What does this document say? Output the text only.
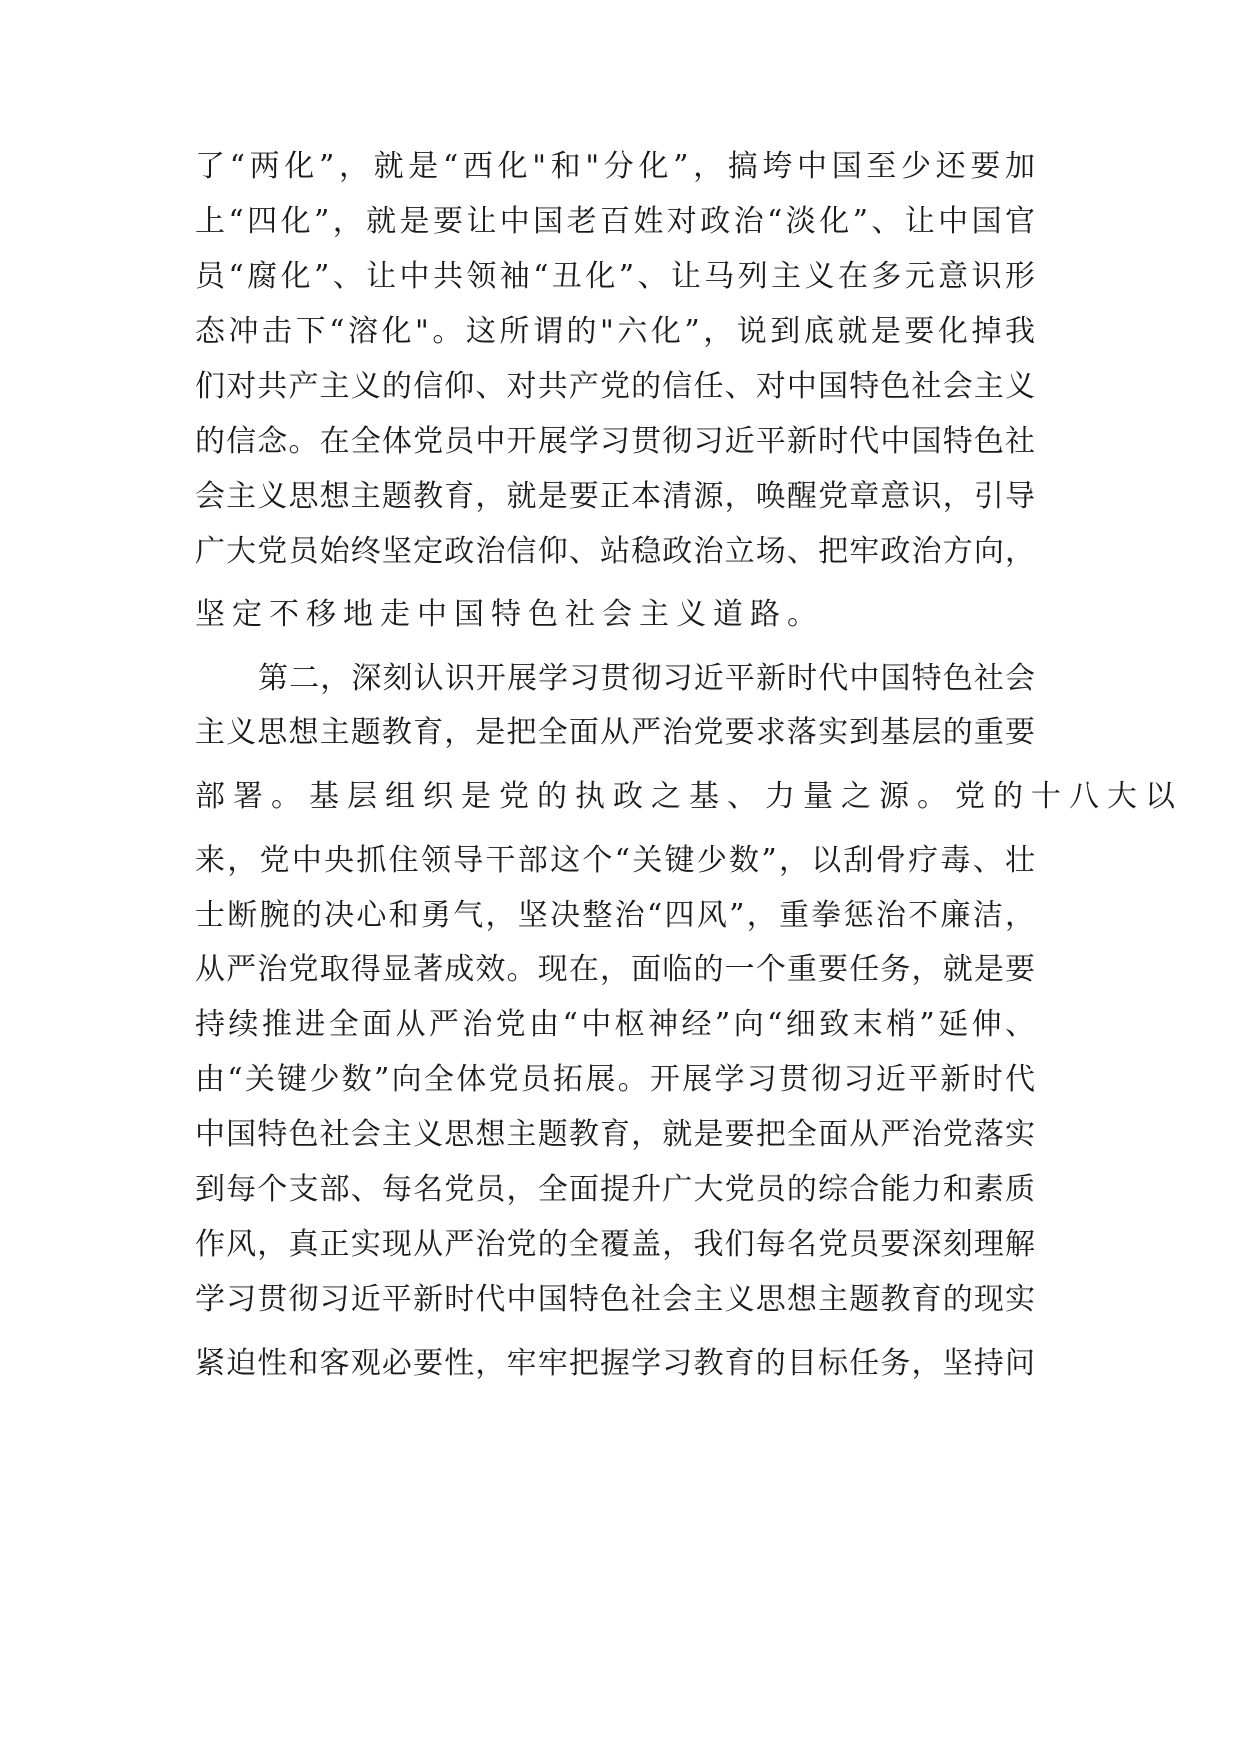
了“两化”，就是“西化"和"分化”，搞垮中国至少还要加
上“四化”，就是要让中国老百姓对政治“淡化”、让中国官
员“腐化”、让中共领袖“丑化”、让马列主义在多元意识形
态冲击下“溶化"。这所谓的"六化”，说到底就是要化掉我
们对共产主义的信仰、对共产党的信任、对中国特色社会主义
的信念。在全体党员中开展学习贯彻习近平新时代中国特色社
会主义思想主题教育，就是要正本清源，唤醒党章意识，引导
广大党员始终坚定政治信仰、站稳政治立场、把牢政治方向，
坚定不移地走中国特色社会主义道路。
第二，深刻认识开展学习贯彻习近平新时代中国特色社会
主义思想主题教育，是把全面从严治党要求落实到基层的重要
部署。基层组织是党的执政之基、力量之源。党的十八大以
来，党中央抓住领导干部这个“关键少数”，以刮骨疗毒、壮
士断腕的决心和勇气，坚决整治“四风”，重拳惩治不廉洁，
从严治党取得显著成效。现在，面临的一个重要任务，就是要
持续推进全面从严治党由“中枢神经”向“细致末梢”延伸、
由“关键少数”向全体党员拓展。开展学习贯彻习近平新时代
中国特色社会主义思想主题教育，就是要把全面从严治党落实
到每个支部、每名党员，全面提升广大党员的综合能力和素质
作风，真正实现从严治党的全覆盖，我们每名党员要深刻理解
学习贯彻习近平新时代中国特色社会主义思想主题教育的现实
紧迫性和客观必要性，牢牢把握学习教育的目标任务，坚持问
